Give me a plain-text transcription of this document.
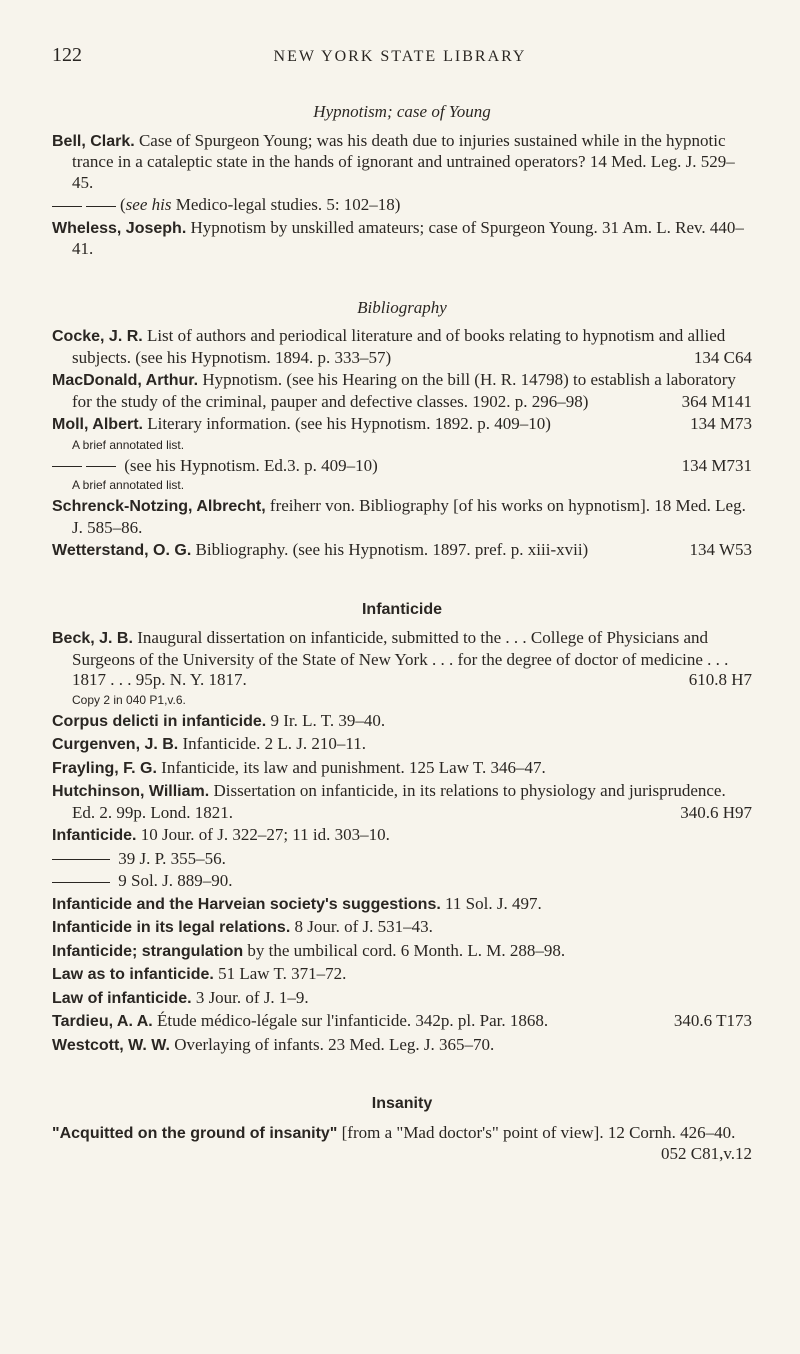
122	NEW YORK STATE LIBRARY
Hypnotism; case of Young
Bell, Clark. Case of Spurgeon Young; was his death due to injuries sustained while in the hypnotic trance in a cataleptic state in the hands of ignorant and untrained operators? 14 Med. Leg. J. 529–45.
(see his Medico-legal studies. 5: 102–18)
Wheless, Joseph. Hypnotism by unskilled amateurs; case of Spurgeon Young. 31 Am. L. Rev. 440–41.
Bibliography
Cocke, J. R. List of authors and periodical literature and of books relating to hypnotism and allied subjects. (see his Hypnotism. 1894. p. 333–57)	134 C64
MacDonald, Arthur. Hypnotism. (see his Hearing on the bill (H. R. 14798) to establish a laboratory for the study of the criminal, pauper and defective classes. 1902. p. 296–98)	364 M141
Moll, Albert. Literary information. (see his Hypnotism. 1892. p. 409–10)	134 M73
A brief annotated list.
(see his Hypnotism. Ed.3. p. 409–10)	134 M731
A brief annotated list.
Schrenck-Notzing, Albrecht, freiherr von. Bibliography [of his works on hypnotism]. 18 Med. Leg. J. 585–86.
Wetterstand, O. G. Bibliography. (see his Hypnotism. 1897. pref. p. xiii-xvii)	134 W53
Infanticide
Beck, J. B. Inaugural dissertation on infanticide, submitted to the . . . College of Physicians and Surgeons of the University of the State of New York . . . for the degree of doctor of medicine . . . 1817 . . . 95p. N. Y. 1817.	610.8 H7
Copy 2 in 040 P1,v.6.
Corpus delicti in infanticide. 9 Ir. L. T. 39–40.
Curgenven, J. B. Infanticide. 2 L. J. 210–11.
Frayling, F. G. Infanticide, its law and punishment. 125 Law T. 346–47.
Hutchinson, William. Dissertation on infanticide, in its relations to physiology and jurisprudence. Ed. 2. 99p. Lond. 1821.	340.6 H97
Infanticide. 10 Jour. of J. 322–27; 11 id. 303–10.
39 J. P. 355–56.
9 Sol. J. 889–90.
Infanticide and the Harveian society's suggestions. 11 Sol. J. 497.
Infanticide in its legal relations. 8 Jour. of J. 531–43.
Infanticide; strangulation by the umbilical cord. 6 Month. L. M. 288–98.
Law as to infanticide. 51 Law T. 371–72.
Law of infanticide. 3 Jour. of J. 1–9.
Tardieu, A. A. Étude médico-légale sur l'infanticide. 342p. pl. Par. 1868.	340.6 T173
Westcott, W. W. Overlaying of infants. 23 Med. Leg. J. 365–70.
Insanity
"Acquitted on the ground of insanity" [from a "Mad doctor's" point of view]. 12 Cornh. 426–40.
052 C81,v.12
